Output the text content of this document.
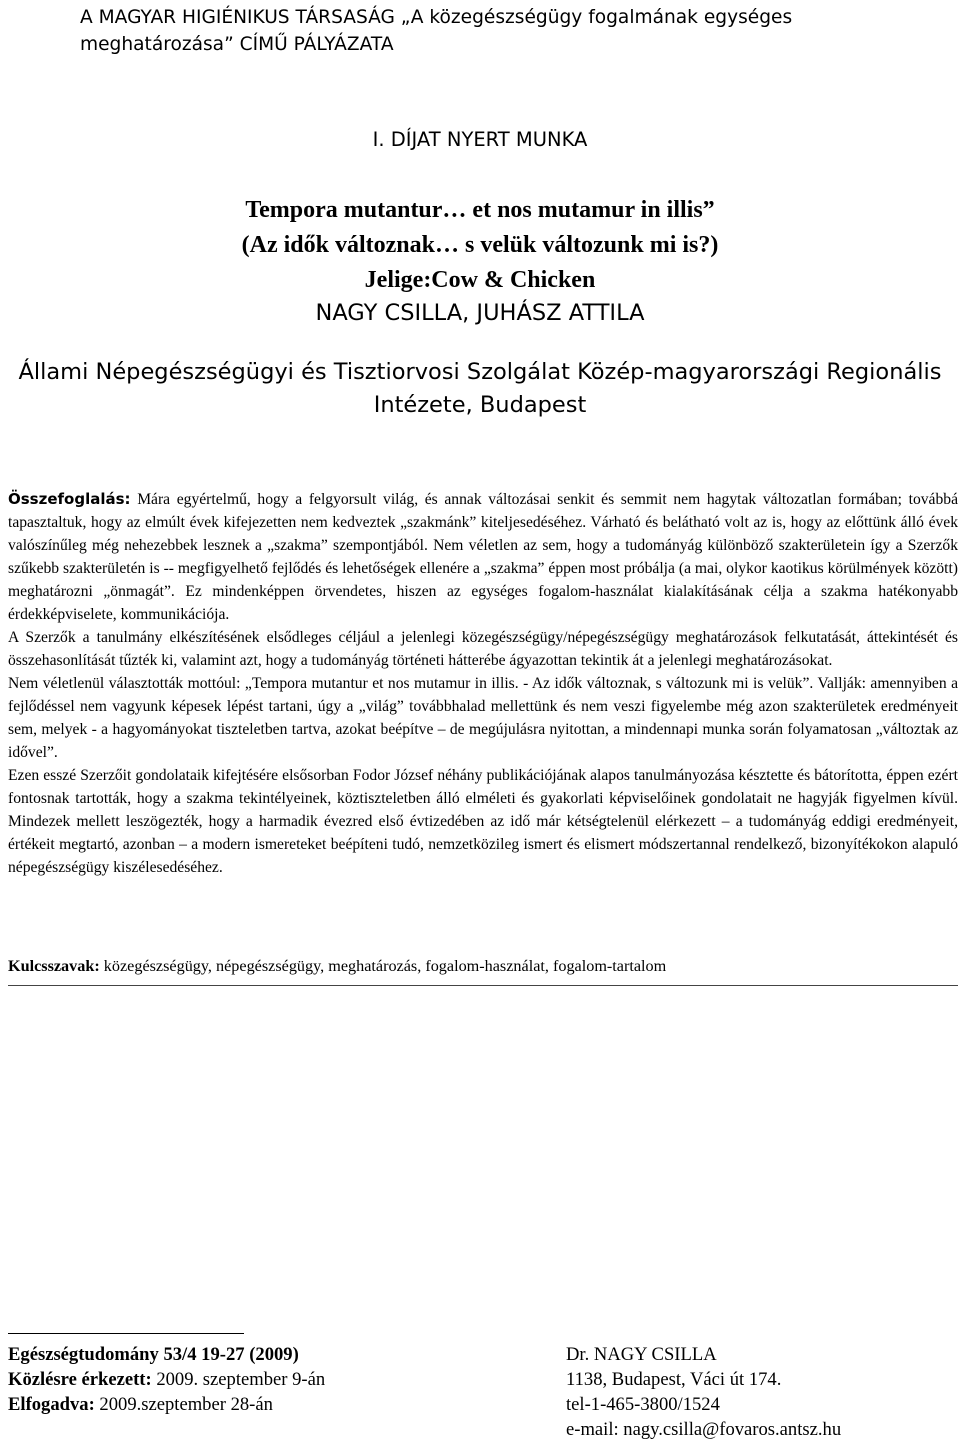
A MAGYAR HIGIÉNIKUS TÁRSASÁG „A közegészségügy fogalmának egységes
meghatározása” CÍMŰ PÁLYÁZATA
I. DÍJAT NYERT MUNKA
Tempora mutantur… et nos mutamur in illis”
(Az idők változnak… s velük változunk mi is?)
Jelige:Cow & Chicken
NAGY CSILLA, JUHÁSZ ATTILA
Állami Népegészségügyi és Tisztiorvosi Szolgálat Közép-magyarországi Regionális
Intézete, Budapest

Összefoglalás: Mára egyértelmű, hogy a felgyorsult világ, és annak változásai senkit és semmit nem hagytak változatlan formában; továbbá tapasztaltuk, hogy az elmúlt évek kifejezetten nem kedveztek „szakmánk” kiteljesedéséhez. Várható és belátható volt az is, hogy az előttünk álló évek valószínűleg még nehezebbek lesznek a „szakma” szempontjából. Nem véletlen az sem, hogy a tudományág különböző szakterületein így a Szerzők szűkebb szakterületén is -- megfigyelhető fejlődés és lehetőségek ellenére a „szakma” éppen most próbálja (a mai, olykor kaotikus körülmények között) meghatározni „önmagát”. Ez mindenképpen örvendetes, hiszen az egységes fogalom-használat kialakításának célja a szakma hatékonyabb érdekképviselete, kommunikációja.

A Szerzők a tanulmány elkészítésének elsődleges céljául a jelenlegi közegészségügy/népegészségügy meghatározások felkutatását, áttekintését és összehasonlítását tűzték ki, valamint azt, hogy a tudományág történeti hátterébe ágyazottan tekintik át a jelenlegi meghatározásokat.

Nem véletlenül választották mottóul: „Tempora mutantur et nos mutamur in illis. - Az idők változnak, s változunk mi is velük”. Vallják: amennyiben a fejlődéssel nem vagyunk képesek lépést tartani, úgy a „világ” továbbhalad mellettünk és nem veszi figyelembe még azon szakterületek eredményeit sem, melyek - a hagyományokat tiszteletben tartva, azokat beépítve – de megújulásra nyitottan, a mindennapi munka során folyamatosan „változtak az idővel”.

Ezen esszé Szerzőit gondolataik kifejtésére elsősorban Fodor József néhány publikációjának alapos tanulmányozása késztette és bátorította, éppen ezért fontosnak tartották, hogy a szakma tekintélyeinek, köztiszteletben álló elméleti és gyakorlati képviselőinek gondolatait ne hagyják figyelmen kívül. Mindezek mellett leszögezték, hogy a harmadik évezred első évtizedében az idő már kétségtelenül elérkezett – a tudományág eddigi eredményeit, értékeit megtartó, azonban – a modern ismereteket beépíteni tudó, nemzetközileg ismert és elismert módszertannal rendelkező, bizonyítékokon alapuló népegészségügy kiszélesedéséhez.

Kulcsszavak: közegészségügy, népegészségügy, meghatározás, fogalom-használat, fogalom-tartalom
Egészségtudomány 53/4 19-27 (2009)
Közlésre érkezett: 2009. szeptember 9-án
Elfogadva: 2009.szeptember 28-án
Dr. NAGY CSILLA
1138, Budapest, Váci út 174.
tel-1-465-3800/1524
e-mail: nagy.csilla@fovaros.antsz.hu
